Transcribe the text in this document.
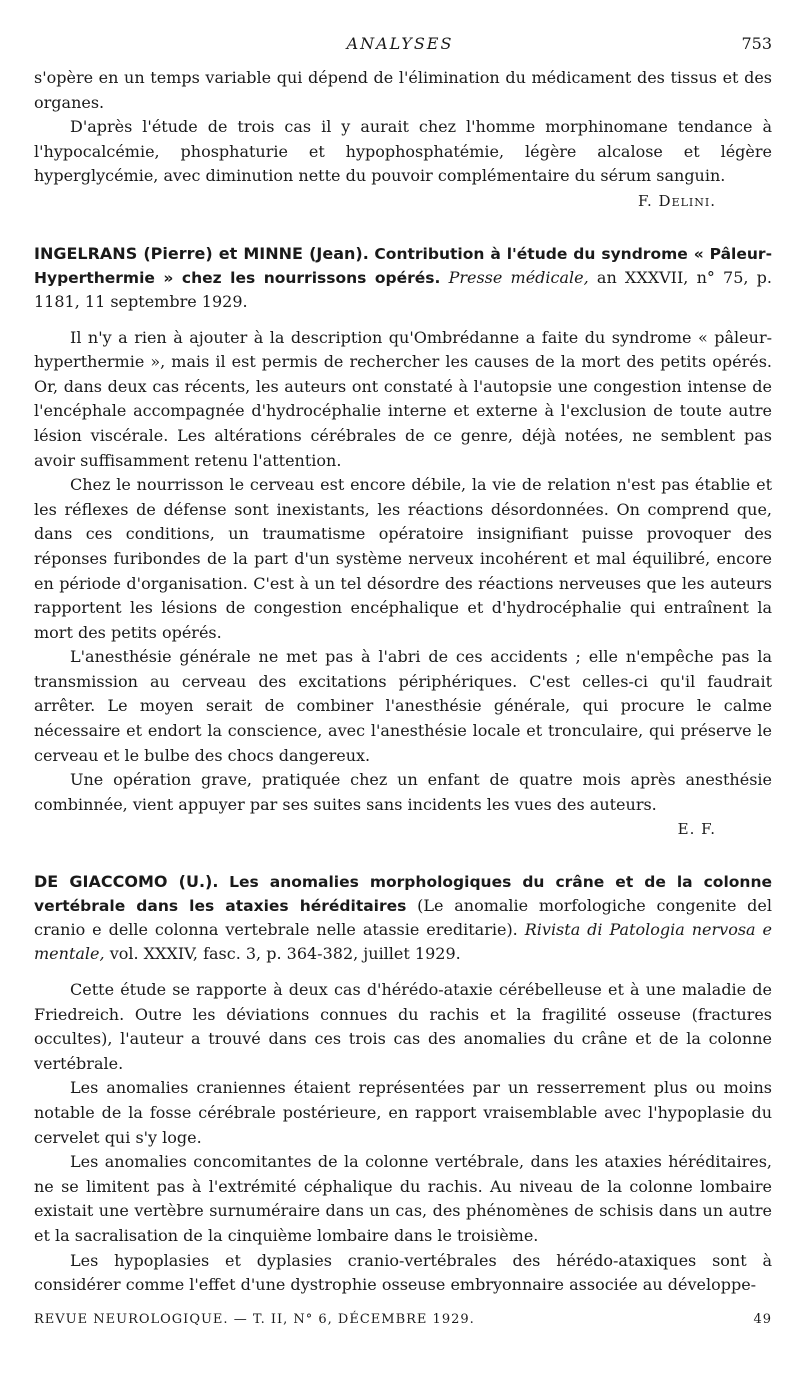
ANALYSES	753

s'opère en un temps variable qui dépend de l'élimination du médicament des tissus et des organes.

D'après l'étude de trois cas il y aurait chez l'homme morphinomane tendance à l'hypocalcémie, phosphaturie et hypophosphatémie, légère alcalose et légère hyperglycémie, avec diminution nette du pouvoir complémentaire du sérum sanguin.

F. Delini.

INGELRANS (Pierre) et MINNE (Jean). Contribution à l'étude du syndrome « Pâleur-Hyperthermie » chez les nourrissons opérés. Presse médicale, an XXXVII, n° 75, p. 1181, 11 septembre 1929.

Il n'y a rien à ajouter à la description qu'Ombrédanne a faite du syndrome « pâleur-hyperthermie », mais il est permis de rechercher les causes de la mort des petits opérés. Or, dans deux cas récents, les auteurs ont constaté à l'autopsie une congestion intense de l'encéphale accompagnée d'hydrocéphalie interne et externe à l'exclusion de toute autre lésion viscérale. Les altérations cérébrales de ce genre, déjà notées, ne semblent pas avoir suffisamment retenu l'attention.

Chez le nourrisson le cerveau est encore débile, la vie de relation n'est pas établie et les réflexes de défense sont inexistants, les réactions désordonnées. On comprend que, dans ces conditions, un traumatisme opératoire insignifiant puisse provoquer des réponses furibondes de la part d'un système nerveux incohérent et mal équilibré, encore en période d'organisation. C'est à un tel désordre des réactions nerveuses que les auteurs rapportent les lésions de congestion encéphalique et d'hydrocéphalie qui entraînent la mort des petits opérés.

L'anesthésie générale ne met pas à l'abri de ces accidents ; elle n'empêche pas la transmission au cerveau des excitations périphériques. C'est celles-ci qu'il faudrait arrêter. Le moyen serait de combiner l'anesthésie générale, qui procure le calme nécessaire et endort la conscience, avec l'anesthésie locale et tronculaire, qui préserve le cerveau et le bulbe des chocs dangereux.

Une opération grave, pratiquée chez un enfant de quatre mois après anesthésie combinnée, vient appuyer par ses suites sans incidents les vues des auteurs.

E. F.

DE GIACCOMO (U.). Les anomalies morphologiques du crâne et de la colonne vertébrale dans les ataxies héréditaires (Le anomalie morfologiche congenite del cranio e delle colonna vertebrale nelle atassie ereditarie). Rivista di Patologia nervosa e mentale, vol. XXXIV, fasc. 3, p. 364-382, juillet 1929.

Cette étude se rapporte à deux cas d'hérédo-ataxie cérébelleuse et à une maladie de Friedreich. Outre les déviations connues du rachis et la fragilité osseuse (fractures occultes), l'auteur a trouvé dans ces trois cas des anomalies du crâne et de la colonne vertébrale.

Les anomalies craniennes étaient représentées par un resserrement plus ou moins notable de la fosse cérébrale postérieure, en rapport vraisemblable avec l'hypoplasie du cervelet qui s'y loge.

Les anomalies concomitantes de la colonne vertébrale, dans les ataxies héréditaires, ne se limitent pas à l'extrémité céphalique du rachis. Au niveau de la colonne lombaire existait une vertèbre surnuméraire dans un cas, des phénomènes de schisis dans un autre et la sacralisation de la cinquième lombaire dans le troisième.

Les hypoplasies et dyplasies cranio-vertébrales des hérédo-ataxiques sont à considérer comme l'effet d'une dystrophie osseuse embryonnaire associée au développe-

REVUE NEUROLOGIQUE. — T. II, N° 6, DÉCEMBRE 1929.	49
